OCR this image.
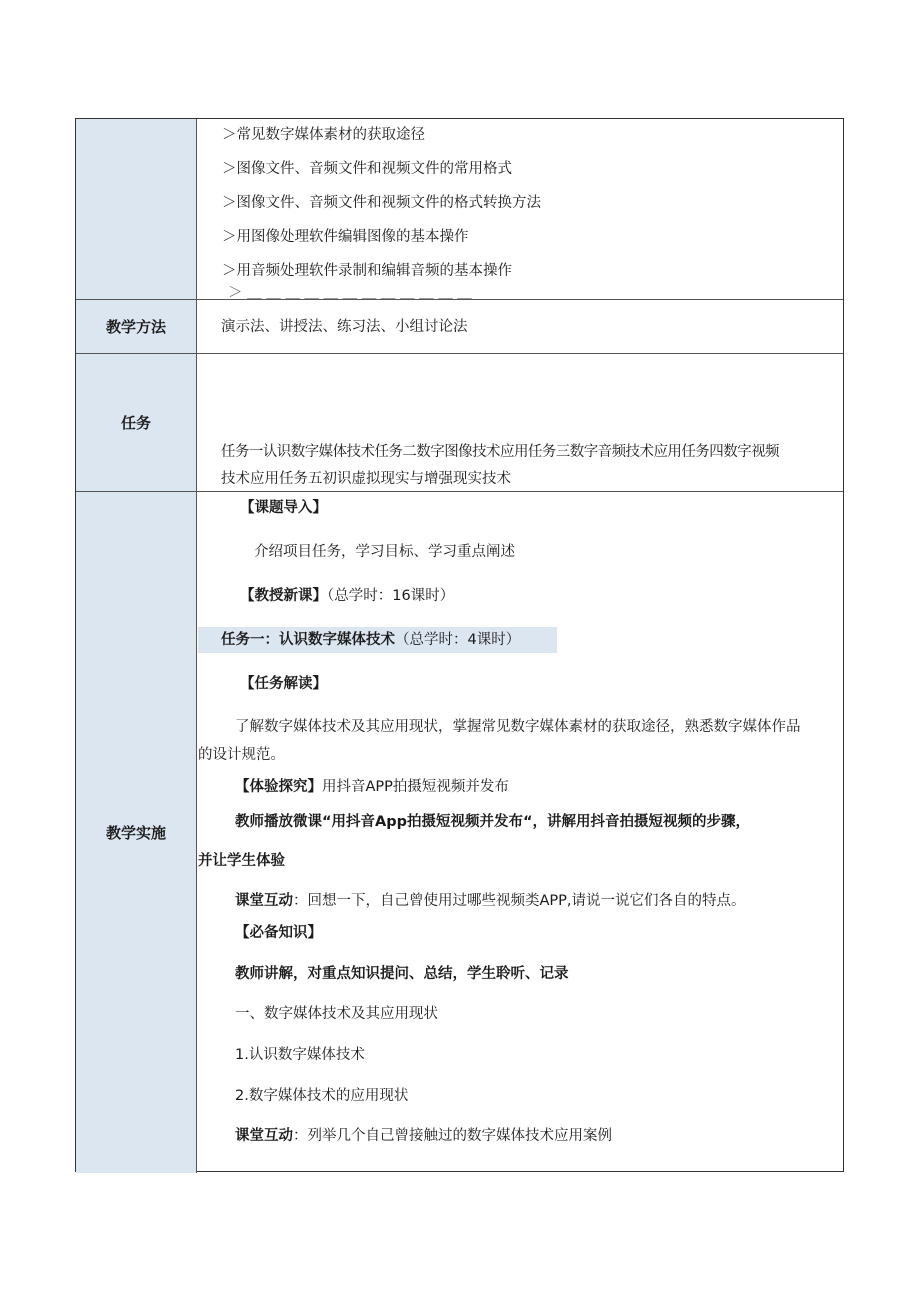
＞常见数字媒体素材的获取途径
＞图像文件、音频文件和视频文件的常用格式
＞图像文件、音频文件和视频文件的格式转换方法
＞用图像处理软件编辑图像的基本操作
＞用音频处理软件录制和编辑音频的基本操作
＞ ＿ ＿ ＿ ＿ ＿ ＿ ＿ ＿ ＿ ＿ ＿ ＿
教学方法	演示法、讲授法、练习法、小组讨论法
任务
任务一认识数字媒体技术任务二数字图像技术应用任务三数字音频技术应用任务四数字视频
技术应用任务五初识虚拟现实与增强现实技术
教学实施
【课题导入】
介绍项目任务，学习目标、学习重点阐述
【教授新课】（总学时：16课时）
任务一：认识数字媒体技术（总学时：4课时）
【任务解读】
了解数字媒体技术及其应用现状，掌握常见数字媒体素材的获取途径，熟悉数字媒体作品
的设计规范。
【体验探究】用抖音APP拍摄短视频并发布
教师播放微课“用抖音App拍摄短视频并发布“，讲解用抖音拍摄短视频的步骤，
并让学生体验
课堂互动：回想一下，自己曾使用过哪些视频类APP,请说一说它们各自的特点。
【必备知识】
教师讲解，对重点知识提问、总结，学生聆听、记录
一、数字媒体技术及其应用现状
1.认识数字媒体技术
2.数字媒体技术的应用现状
课堂互动：列举几个自己曾接触过的数字媒体技术应用案例
